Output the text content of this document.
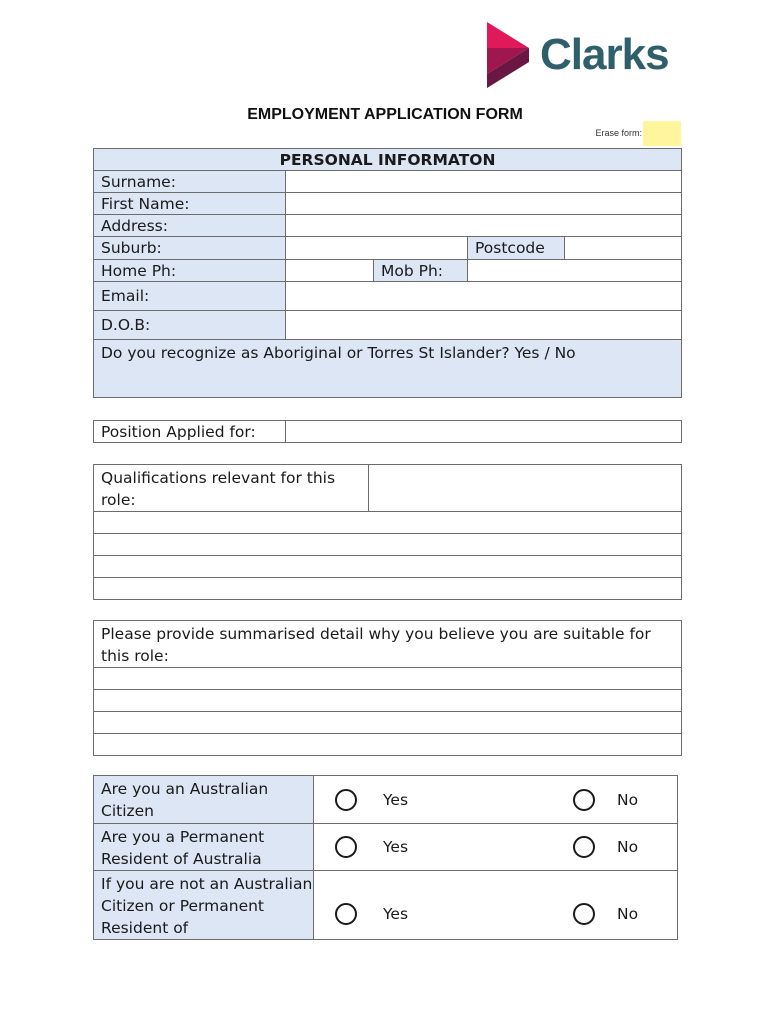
Clarks
EMPLOYMENT APPLICATION FORM
Erase form:
PERSONAL INFORMATON				
Surname:				
First Name:				
Address:				
Suburb:			Postcode	
Home Ph:		Mob Ph:		
Email:				
D.O.B:				
Do you recognize as Aboriginal or Torres St Islander? Yes / No				
Position Applied for:	
Qualifications relevant for this role:	

Please provide summarised detail why you believe you are suitable for this role:

Are you an Australian Citizen	Yes No

Are you a Permanent Resident of Australia	Yes No

If you are not an Australian Citizen or Permanent Resident of	Yes No
